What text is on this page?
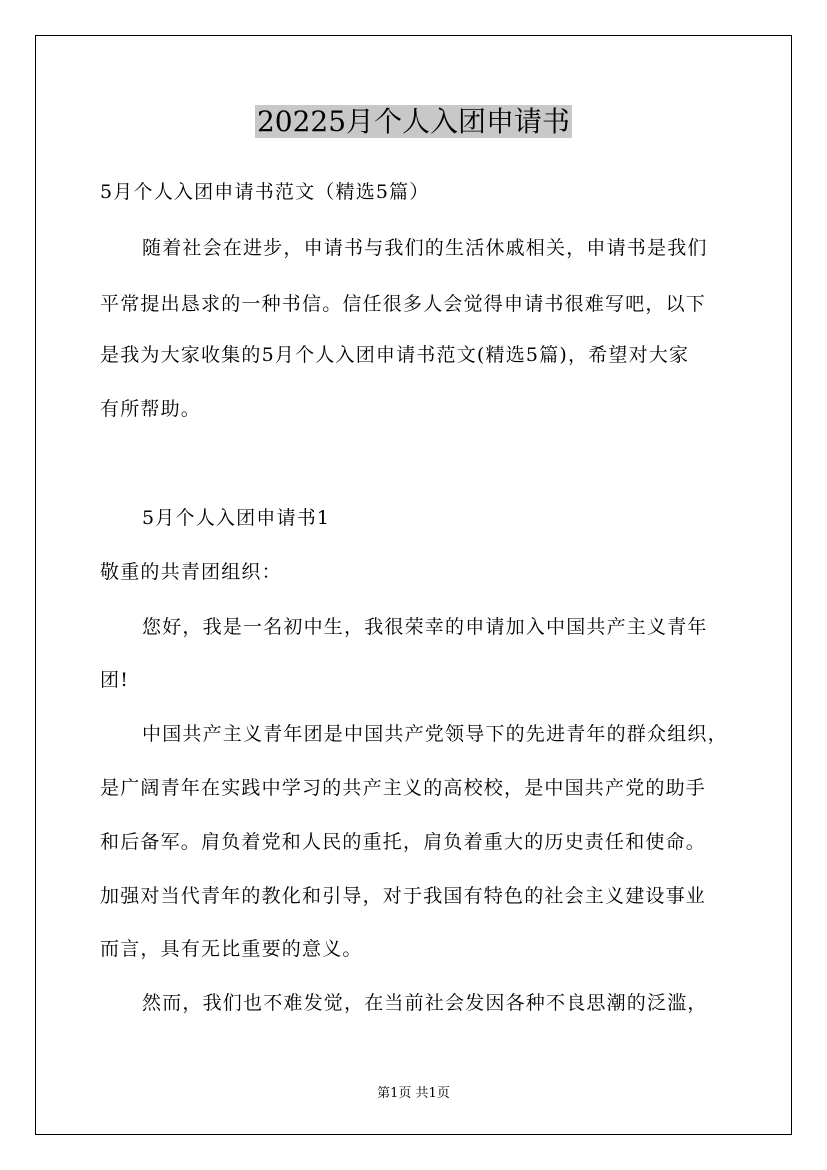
20225月个人入团申请书
5月个人入团申请书范文（精选5篇）
随着社会在进步，申请书与我们的生活休戚相关，申请书是我们
平常提出恳求的一种书信。信任很多人会觉得申请书很难写吧，以下
是我为大家收集的5月个人入团申请书范文(精选5篇)，希望对大家
有所帮助。
5月个人入团申请书1
敬重的共青团组织：
您好，我是一名初中生，我很荣幸的申请加入中国共产主义青年
团!
中国共产主义青年团是中国共产党领导下的先进青年的群众组织，
是广阔青年在实践中学习的共产主义的高校校，是中国共产党的助手
和后备军。肩负着党和人民的重托，肩负着重大的历史责任和使命。
加强对当代青年的教化和引导，对于我国有特色的社会主义建设事业
而言，具有无比重要的意义。
然而，我们也不难发觉，在当前社会发因各种不良思潮的泛滥，
第1页 共1页
